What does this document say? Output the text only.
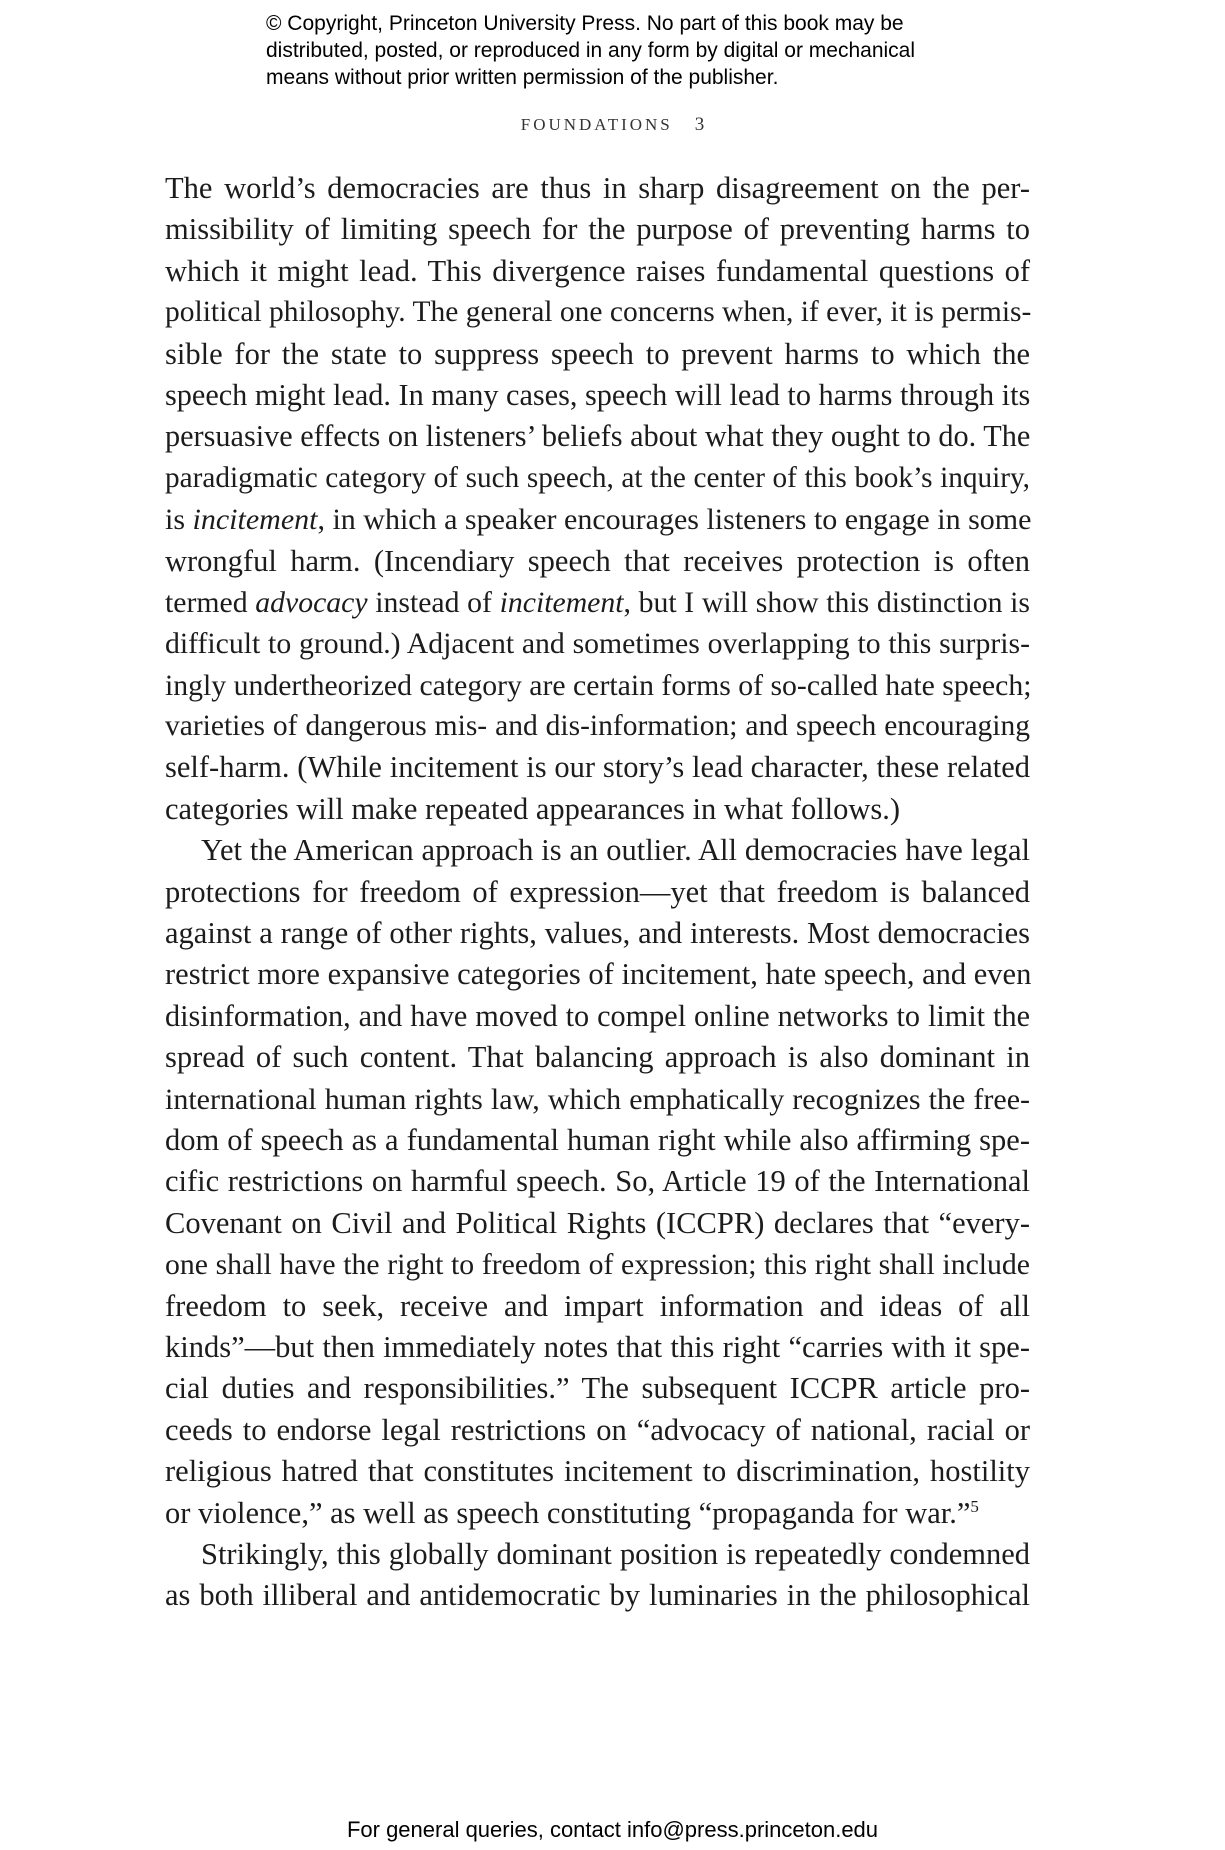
© Copyright, Princeton University Press. No part of this book may be
distributed, posted, or reproduced in any form by digital or mechanical
means without prior written permission of the publisher.
FOUNDATIONS 3
The world’s democracies are thus in sharp disagreement on the per-
missibility of limiting speech for the purpose of preventing harms to
which it might lead. This divergence raises fundamental questions of
political philosophy. The general one concerns when, if ever, it is permis-
sible for the state to suppress speech to prevent harms to which the
speech might lead. In many cases, speech will lead to harms through its
persuasive effects on listeners’ beliefs about what they ought to do. The
paradigmatic category of such speech, at the center of this book’s inquiry,
is incitement, in which a speaker encourages listeners to engage in some
wrongful harm. (Incendiary speech that receives protection is often
termed advocacy instead of incitement, but I will show this distinction is
difficult to ground.) Adjacent and sometimes overlapping to this surpris-
ingly undertheorized category are certain forms of so-called hate speech;
varieties of dangerous mis- and dis-information; and speech encouraging
self-harm. (While incitement is our story’s lead character, these related
categories will make repeated appearances in what follows.)
Yet the American approach is an outlier. All democracies have legal
protections for freedom of expression—yet that freedom is balanced
against a range of other rights, values, and interests. Most democracies
restrict more expansive categories of incitement, hate speech, and even
disinformation, and have moved to compel online networks to limit the
spread of such content. That balancing approach is also dominant in
international human rights law, which emphatically recognizes the free-
dom of speech as a fundamental human right while also affirming spe-
cific restrictions on harmful speech. So, Article 19 of the International
Covenant on Civil and Political Rights (ICCPR) declares that “every-
one shall have the right to freedom of expression; this right shall include
freedom to seek, receive and impart information and ideas of all
kinds”—but then immediately notes that this right “carries with it spe-
cial duties and responsibilities.” The subsequent ICCPR article pro-
ceeds to endorse legal restrictions on “advocacy of national, racial or
religious hatred that constitutes incitement to discrimination, hostility
or violence,” as well as speech constituting “propaganda for war.”$^5$
Strikingly, this globally dominant position is repeatedly condemned
as both illiberal and antidemocratic by luminaries in the philosophical
For general queries, contact info@press.princeton.edu
